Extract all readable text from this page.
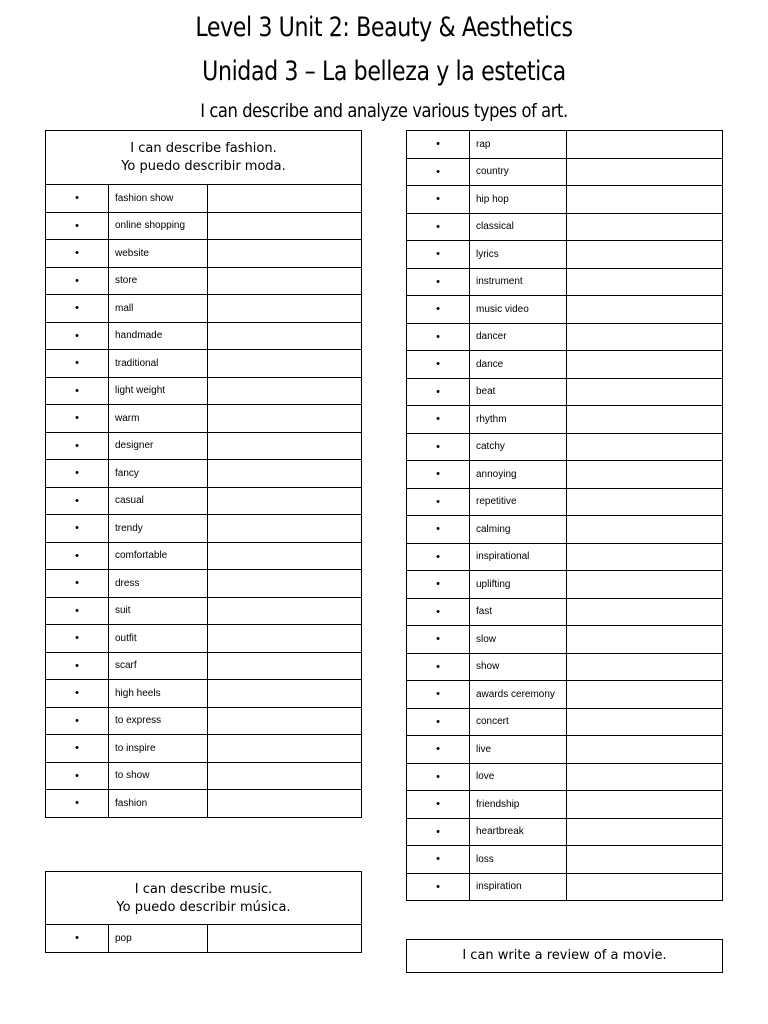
Level 3 Unit 2: Beauty & Aesthetics
Unidad 3 – La belleza y la estetica
I can describe and analyze various types of art.
I can describe fashion.
Yo puedo describir moda.
•	fashion show	
•	online shopping	
•	website	
•	store	
•	mall	
•	handmade	
•	traditional	
•	light weight	
•	warm	
•	designer	
•	fancy	
•	casual	
•	trendy	
•	comfortable	
•	dress	
•	suit	
•	outfit	
•	scarf	
•	high heels	
•	to express	
•	to inspire	
•	to show	
•	fashion	
I can describe music.
Yo puedo describir música.
•	pop	
•	rap	
•	country	
•	hip hop	
•	classical	
•	lyrics	
•	instrument	
•	music video	
•	dancer	
•	dance	
•	beat	
•	rhythm	
•	catchy	
•	annoying	
•	repetitive	
•	calming	
•	inspirational	
•	uplifting	
•	fast	
•	slow	
•	show	
•	awards ceremony	
•	concert	
•	live	
•	love	
•	friendship	
•	heartbreak	
•	loss	
•	inspiration	
I can write a review of a movie.
